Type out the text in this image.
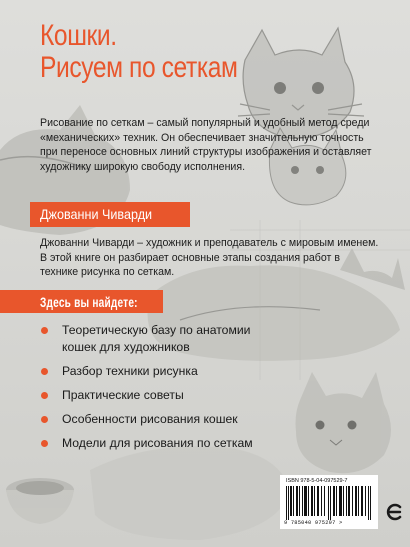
Кошки.
Рисуем по сеткам

Рисование по сеткам – самый популярный и удобный метод среди «механических» техник. Он обеспечивает значительную точность при переносе основных линий структуры изображения и оставляет художнику широкую свободу исполнения.

Джованни Чиварди

Джованни Чиварди – художник и преподаватель с мировым именем. В этой книге он разбирает основные этапы создания работ в технике рисунка по сеткам.

Здесь вы найдете:
Теоретическую базу по анатомии кошек для художников
Разбор техники рисунка
Практические советы
Особенности рисования кошек
Модели для рисования по сеткам
ISBN 978-5-04-097529-7
9 785040 975297 >
